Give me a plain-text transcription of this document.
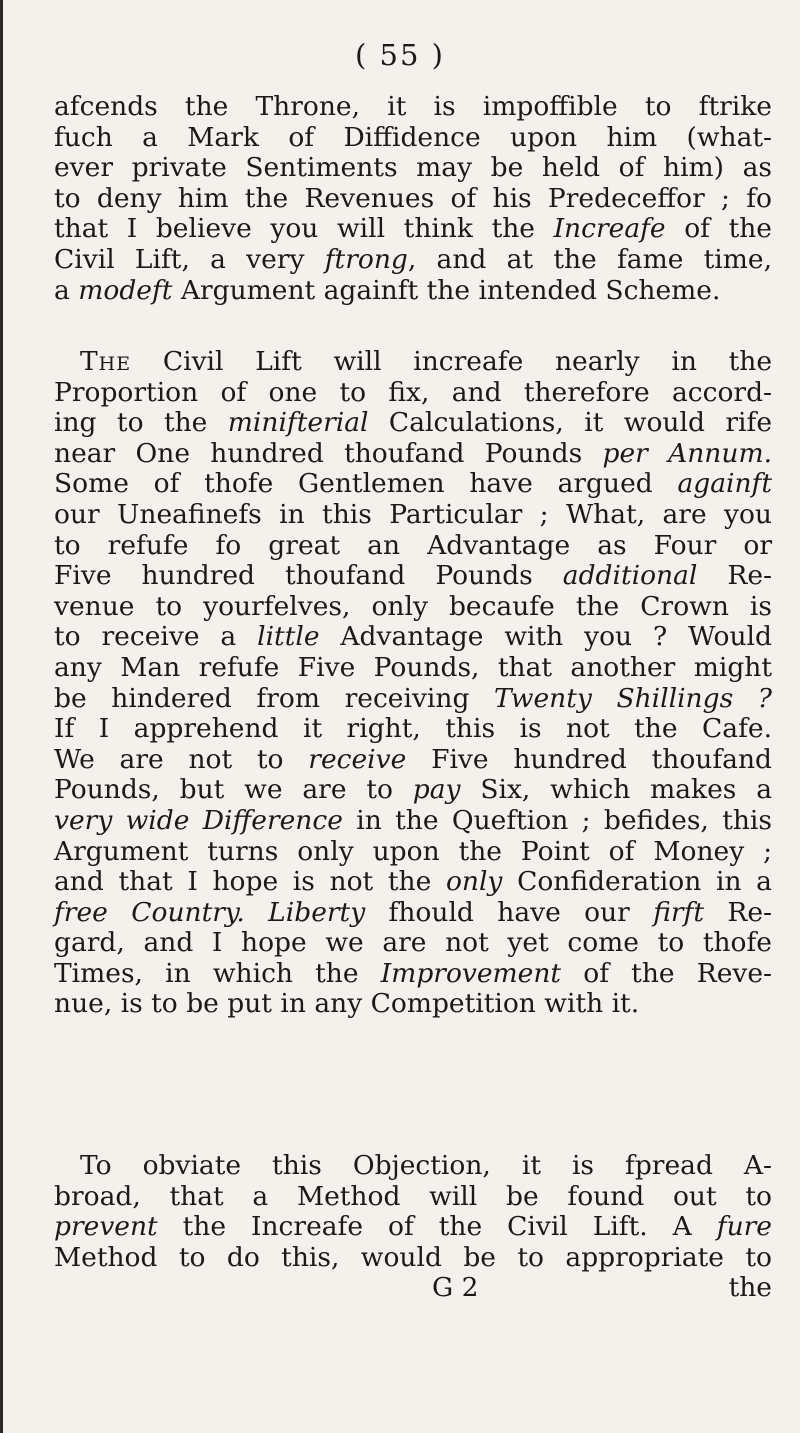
( 55 )
afcends the Throne, it is impoffible to ftrike
fuch a Mark of Diffidence upon him (what-
ever private Sentiments may be held of him) as
to deny him the Revenues of his Predeceffor ; fo
that I believe you will think the Increafe of the
Civil Lift, a very ftrong, and at the fame time,
a modeft Argument againft the intended Scheme.
The Civil Lift will increafe nearly in the
Proportion of one to fix, and therefore accord-
ing to the minifterial Calculations, it would rife
near One hundred thoufand Pounds per Annum.
Some of thofe Gentlemen have argued againft
our Uneafinefs in this Particular ; What, are you
to refufe fo great an Advantage as Four or
Five hundred thoufand Pounds additional Re-
venue to yourfelves, only becaufe the Crown is
to receive a little Advantage with you ? Would
any Man refufe Five Pounds, that another might
be hindered from receiving Twenty Shillings ?
If I apprehend it right, this is not the Cafe.
We are not to receive Five hundred thoufand
Pounds, but we are to pay Six, which makes a
very wide Difference in the Queftion ; befides, this
Argument turns only upon the Point of Money ;
and that I hope is not the only Confideration in a
free Country. Liberty fhould have our firft Re-
gard, and I hope we are not yet come to thofe
Times, in which the Improvement of the Reve-
nue, is to be put in any Competition with it.
To obviate this Objection, it is fpread A-
broad, that a Method will be found out to
prevent the Increafe of the Civil Lift. A fure
Method to do this, would be to appropriate to
G 2	the
